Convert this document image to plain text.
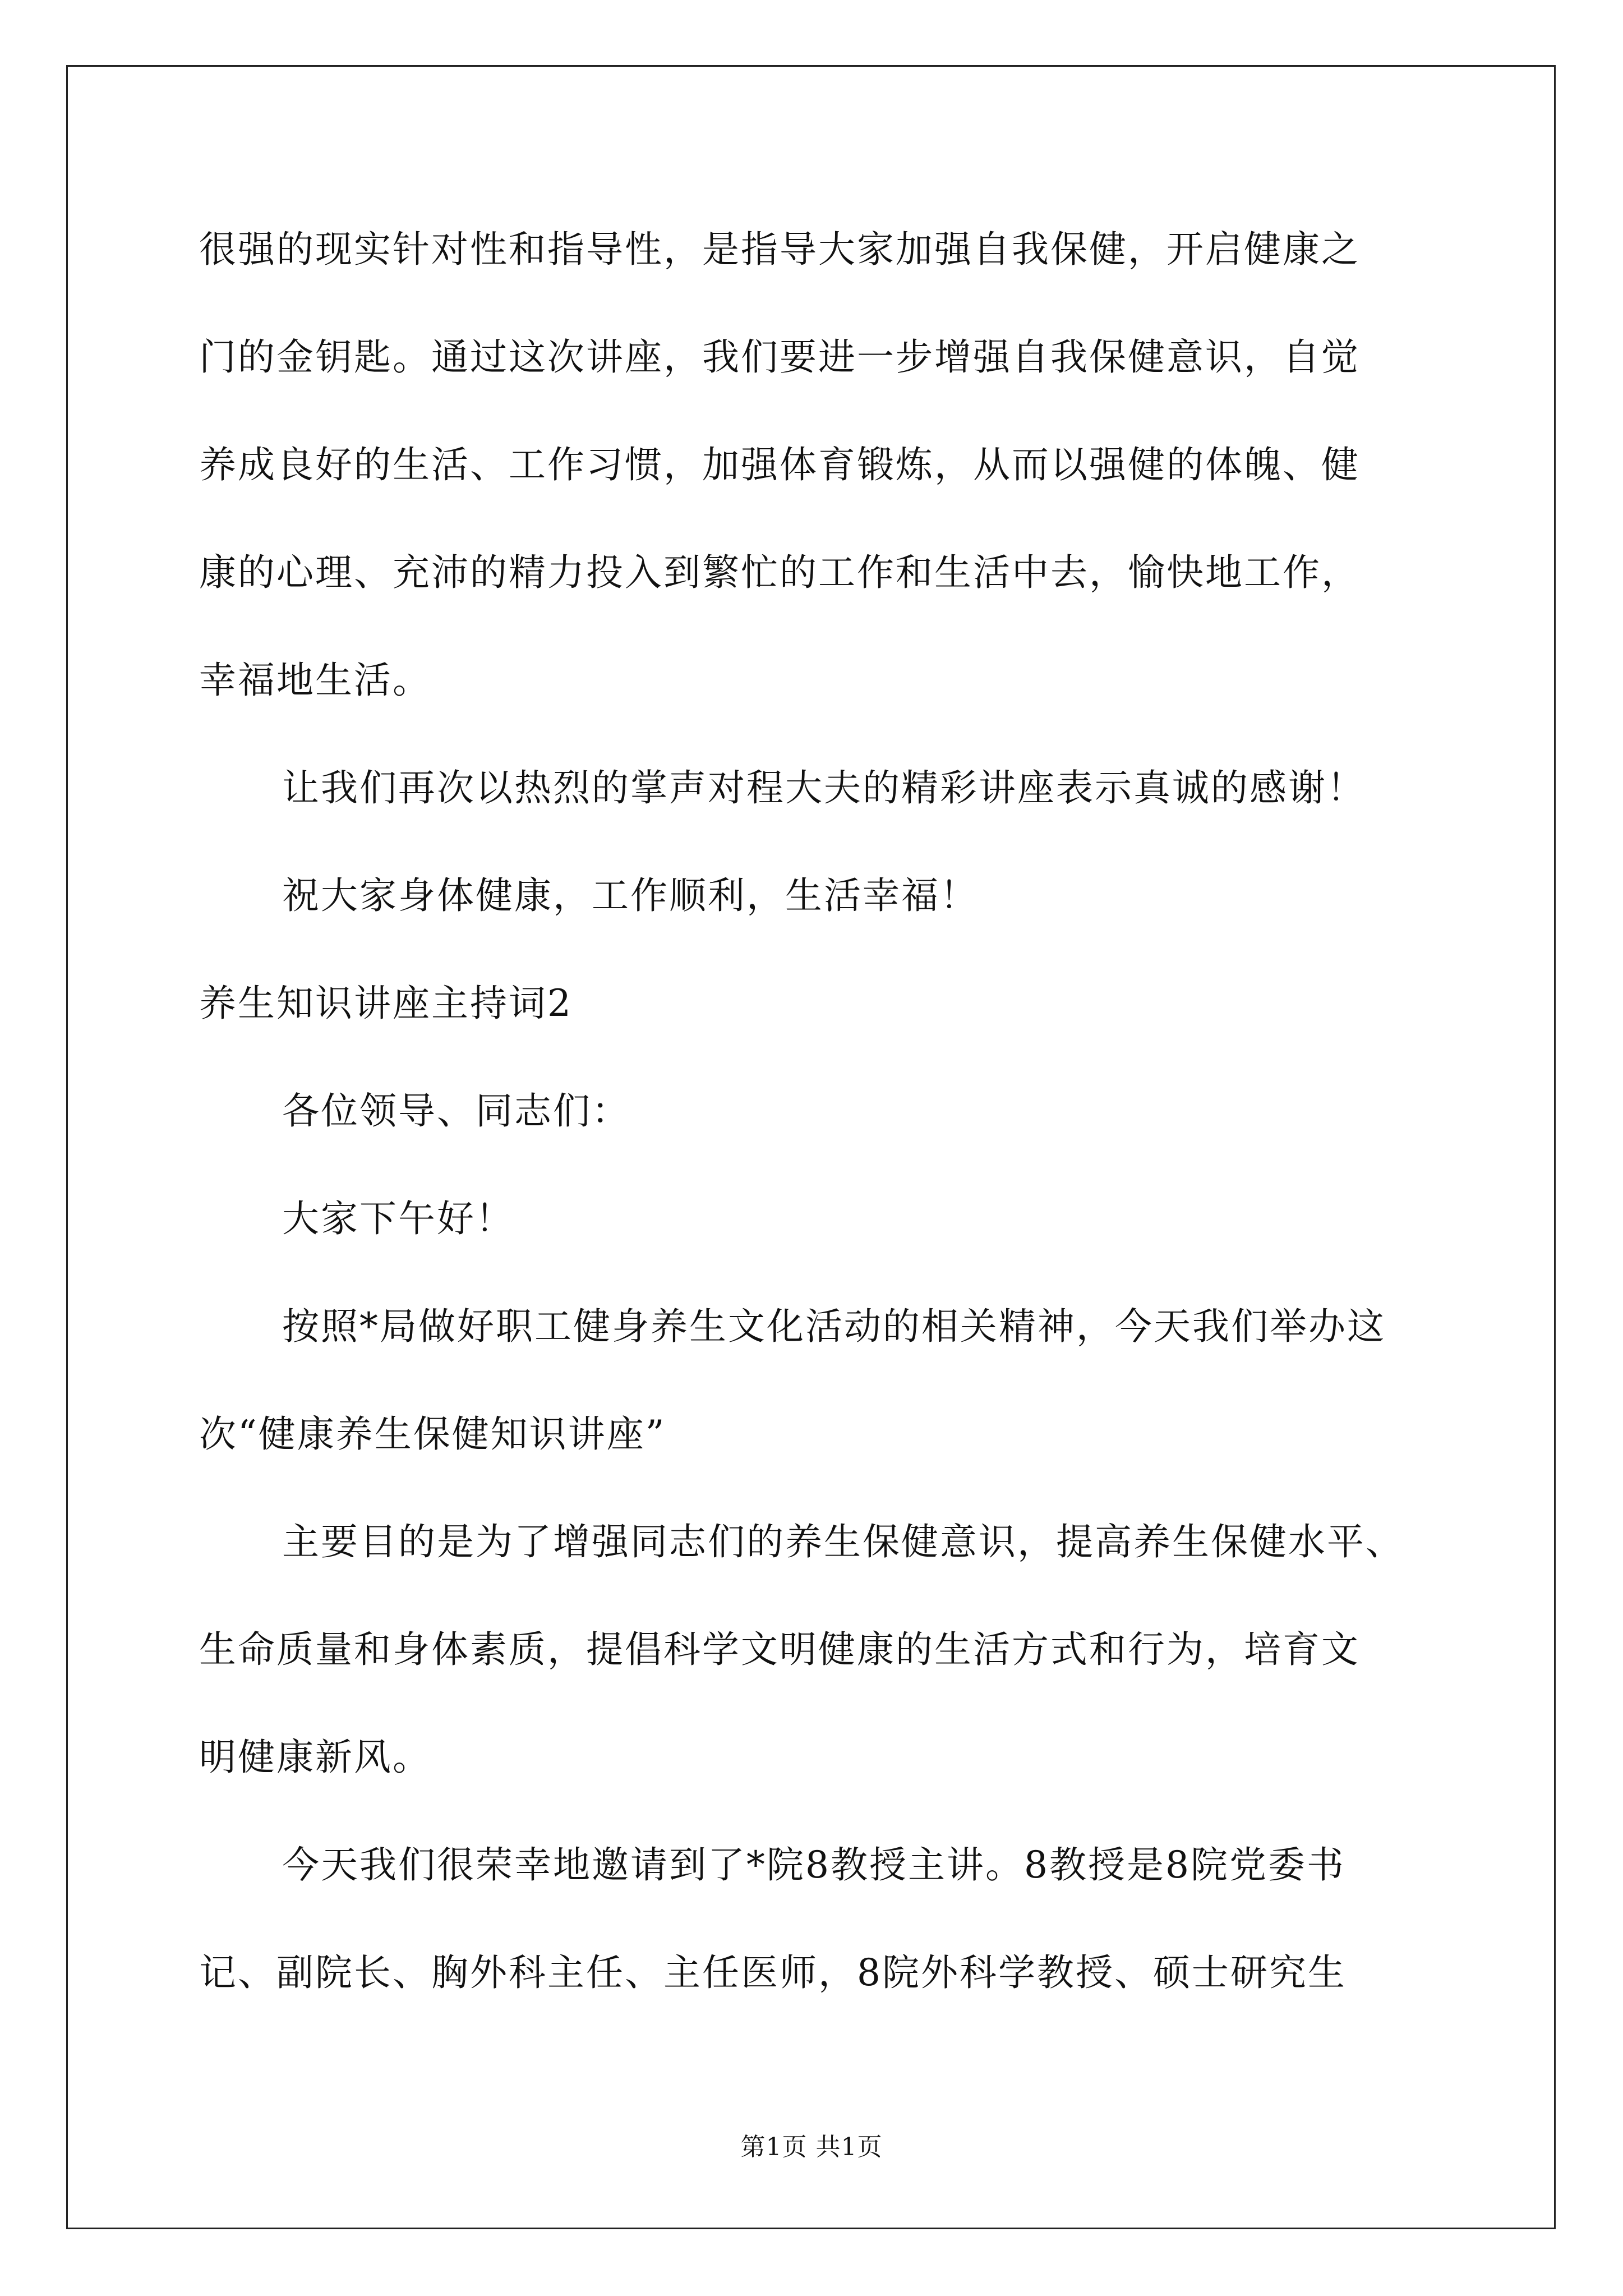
很强的现实针对性和指导性，是指导大家加强自我保健，开启健康之
门的金钥匙。通过这次讲座，我们要进一步增强自我保健意识，自觉
养成良好的生活、工作习惯，加强体育锻炼，从而以强健的体魄、健
康的心理、充沛的精力投入到繁忙的工作和生活中去，愉快地工作，
幸福地生活。
让我们再次以热烈的掌声对程大夫的精彩讲座表示真诚的感谢！
祝大家身体健康，工作顺利，生活幸福！
养生知识讲座主持词2
各位领导、同志们：
大家下午好！
按照*局做好职工健身养生文化活动的相关精神，今天我们举办这
次“健康养生保健知识讲座”
主要目的是为了增强同志们的养生保健意识，提高养生保健水平、
生命质量和身体素质，提倡科学文明健康的生活方式和行为，培育文
明健康新风。
今天我们很荣幸地邀请到了*院8教授主讲。8教授是8院党委书
记、副院长、胸外科主任、主任医师，8院外科学教授、硕士研究生
第1页 共1页
